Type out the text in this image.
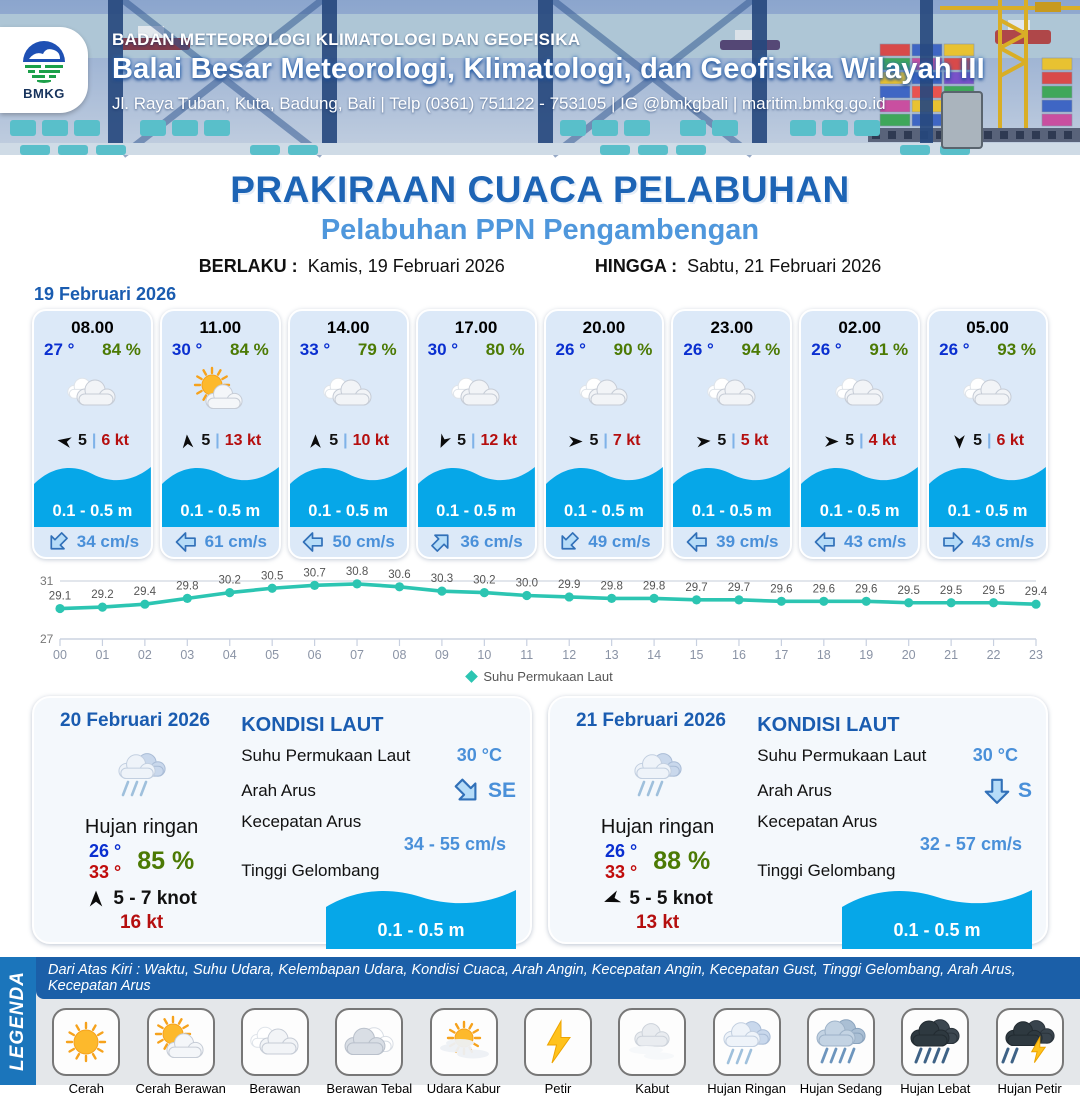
BMKG
BADAN METEOROLOGI KLIMATOLOGI DAN GEOFISIKA
Balai Besar Meteorologi, Klimatologi, dan Geofisika Wilayah III
Jl. Raya Tuban, Kuta, Badung, Bali | Telp (0361) 751122 - 753105 | IG @bmkgbali | maritim.bmkg.go.id
PRAKIRAAN CUACA PELABUHAN
Pelabuhan PPN Pengambengan
BERLAKU : Kamis, 19 Februari 2026	HINGGA : Sabtu, 21 Februari 2026
19 Februari 2026
08.00
27 ° 84 %
5 | 6 kt
0.1 - 0.5 m
34 cm/s
11.00
30 ° 84 %
5 | 13 kt
0.1 - 0.5 m
61 cm/s
14.00
33 ° 79 %
5 | 10 kt
0.1 - 0.5 m
50 cm/s
17.00
30 ° 80 %
5 | 12 kt
0.1 - 0.5 m
36 cm/s
20.00
26 ° 90 %
5 | 7 kt
0.1 - 0.5 m
49 cm/s
23.00
26 ° 94 %
5 | 5 kt
0.1 - 0.5 m
39 cm/s
02.00
26 ° 91 %
5 | 4 kt
0.1 - 0.5 m
43 cm/s
05.00
26 ° 93 %
5 | 6 kt
0.1 - 0.5 m
43 cm/s
31
27
29.1 29.2 29.4 29.8 30.2 30.5 30.7 30.8 30.6 30.3 30.2 30.0 29.9 29.8 29.8 29.7 29.7 29.6 29.6 29.6 29.5 29.5 29.5 29.4
00 01 02 03 04 05 06 07 08 09 10 11 12 13 14 15 16 17 18 19 20 21 22 23
Suhu Permukaan Laut
20 Februari 2026
Hujan ringan
26 °
33 ° 85 %
5 - 7 knot
16 kt
KONDISI LAUT
Suhu Permukaan Laut	30 °C
Arah Arus	SE
Kecepatan Arus
34 - 55 cm/s
Tinggi Gelombang
0.1 - 0.5 m
21 Februari 2026
Hujan ringan
26 °
33 ° 88 %
5 - 5 knot
13 kt
KONDISI LAUT
Suhu Permukaan Laut	30 °C
Arah Arus	S
Kecepatan Arus
32 - 57 cm/s
Tinggi Gelombang
0.1 - 0.5 m
LEGENDA
Dari Atas Kiri : Waktu, Suhu Udara, Kelembapan Udara, Kondisi Cuaca, Arah Angin, Kecepatan Angin, Kecepatan Gust, Tinggi Gelombang, Arah Arus, Kecepatan Arus
Cerah Cerah Berawan Berawan Berawan Tebal Udara Kabur	Petir	Kabut	Hujan Ringan Hujan Sedang Hujan Lebat Hujan Petir
